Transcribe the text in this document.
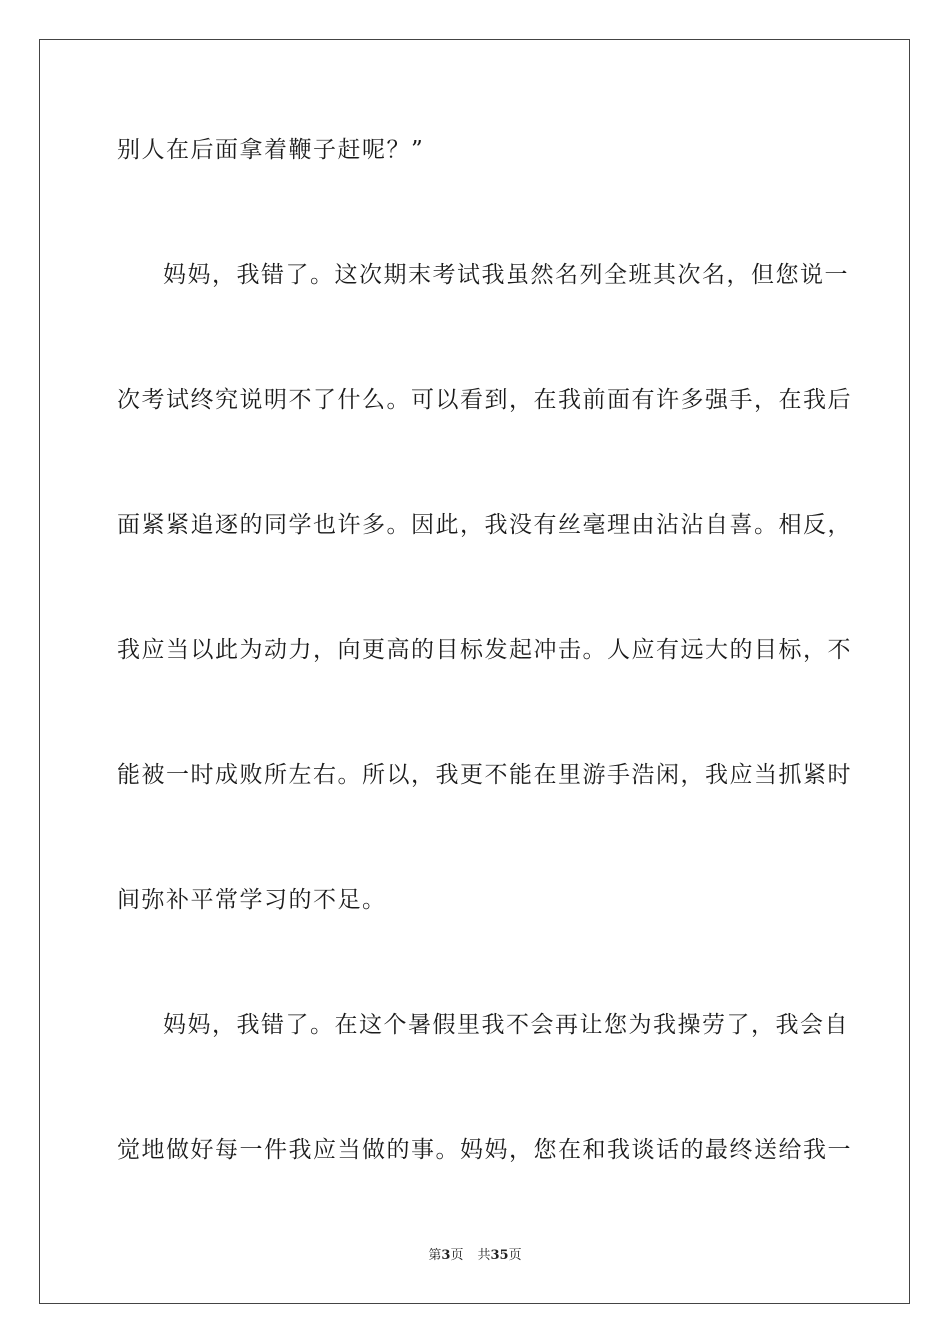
别人在后面拿着鞭子赶呢？”
妈妈，我错了。这次期末考试我虽然名列全班其次名，但您说一
次考试终究说明不了什么。可以看到，在我前面有许多强手，在我后
面紧紧追逐的同学也许多。因此，我没有丝毫理由沾沾自喜。相反，
我应当以此为动力，向更高的目标发起冲击。人应有远大的目标，不
能被一时成败所左右。所以，我更不能在里游手浩闲，我应当抓紧时
间弥补平常学习的不足。
妈妈，我错了。在这个暑假里我不会再让您为我操劳了，我会自
觉地做好每一件我应当做的事。妈妈，您在和我谈话的最终送给我一
第3页 共35页
